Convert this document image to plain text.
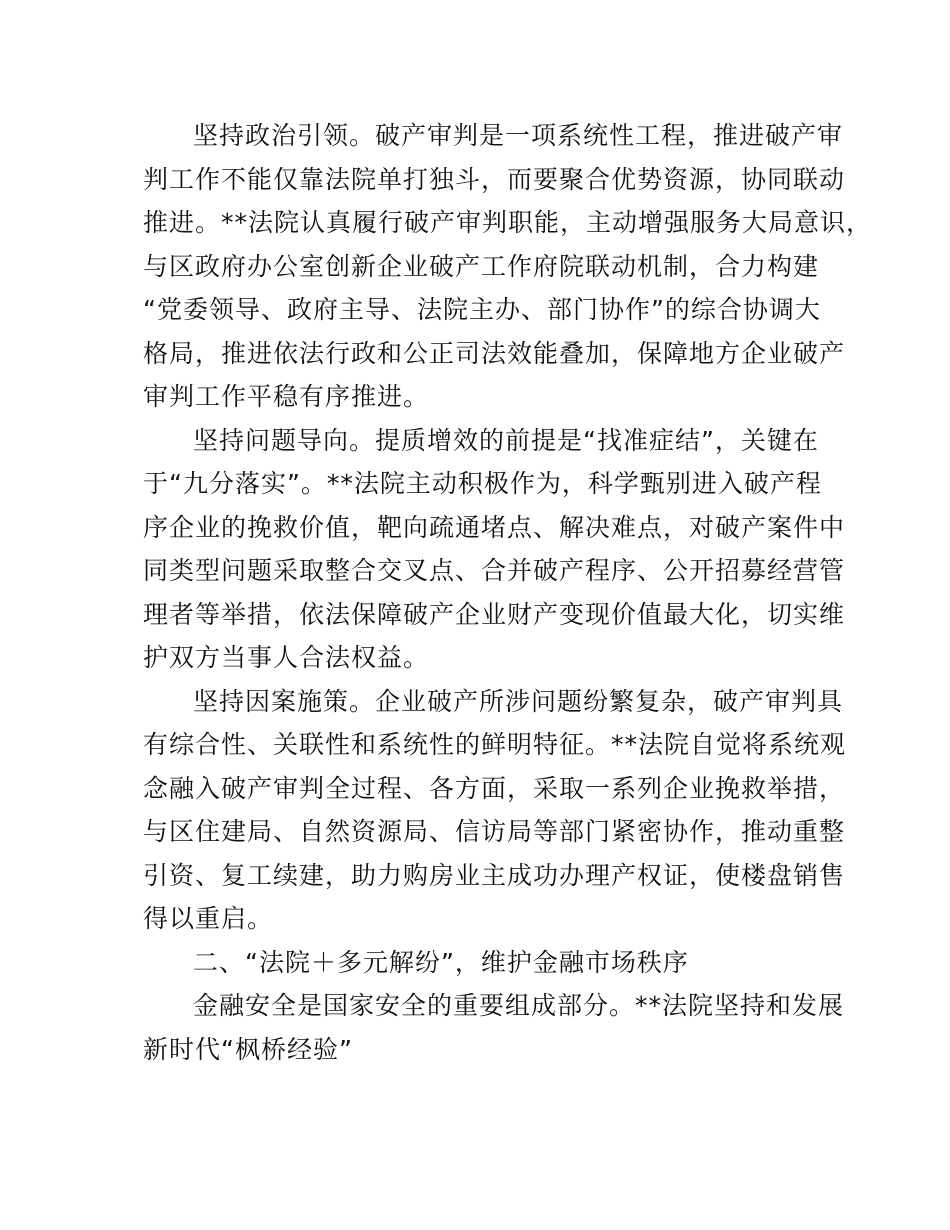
坚持政治引领。破产审判是一项系统性工程，推进破产审
判工作不能仅靠法院单打独斗，而要聚合优势资源，协同联动
推进。**法院认真履行破产审判职能，主动增强服务大局意识，
与区政府办公室创新企业破产工作府院联动机制，合力构建
“党委领导、政府主导、法院主办、部门协作”的综合协调大
格局，推进依法行政和公正司法效能叠加，保障地方企业破产
审判工作平稳有序推进。
坚持问题导向。提质增效的前提是“找准症结”，关键在
于“九分落实”。**法院主动积极作为，科学甄别进入破产程
序企业的挽救价值，靶向疏通堵点、解决难点，对破产案件中
同类型问题采取整合交叉点、合并破产程序、公开招募经营管
理者等举措，依法保障破产企业财产变现价值最大化，切实维
护双方当事人合法权益。
坚持因案施策。企业破产所涉问题纷繁复杂，破产审判具
有综合性、关联性和系统性的鲜明特征。**法院自觉将系统观
念融入破产审判全过程、各方面，采取一系列企业挽救举措，
与区住建局、自然资源局、信访局等部门紧密协作，推动重整
引资、复工续建，助力购房业主成功办理产权证，使楼盘销售
得以重启。
二、“法院＋多元解纷”，维护金融市场秩序
金融安全是国家安全的重要组成部分。**法院坚持和发展
新时代“枫桥经验”
